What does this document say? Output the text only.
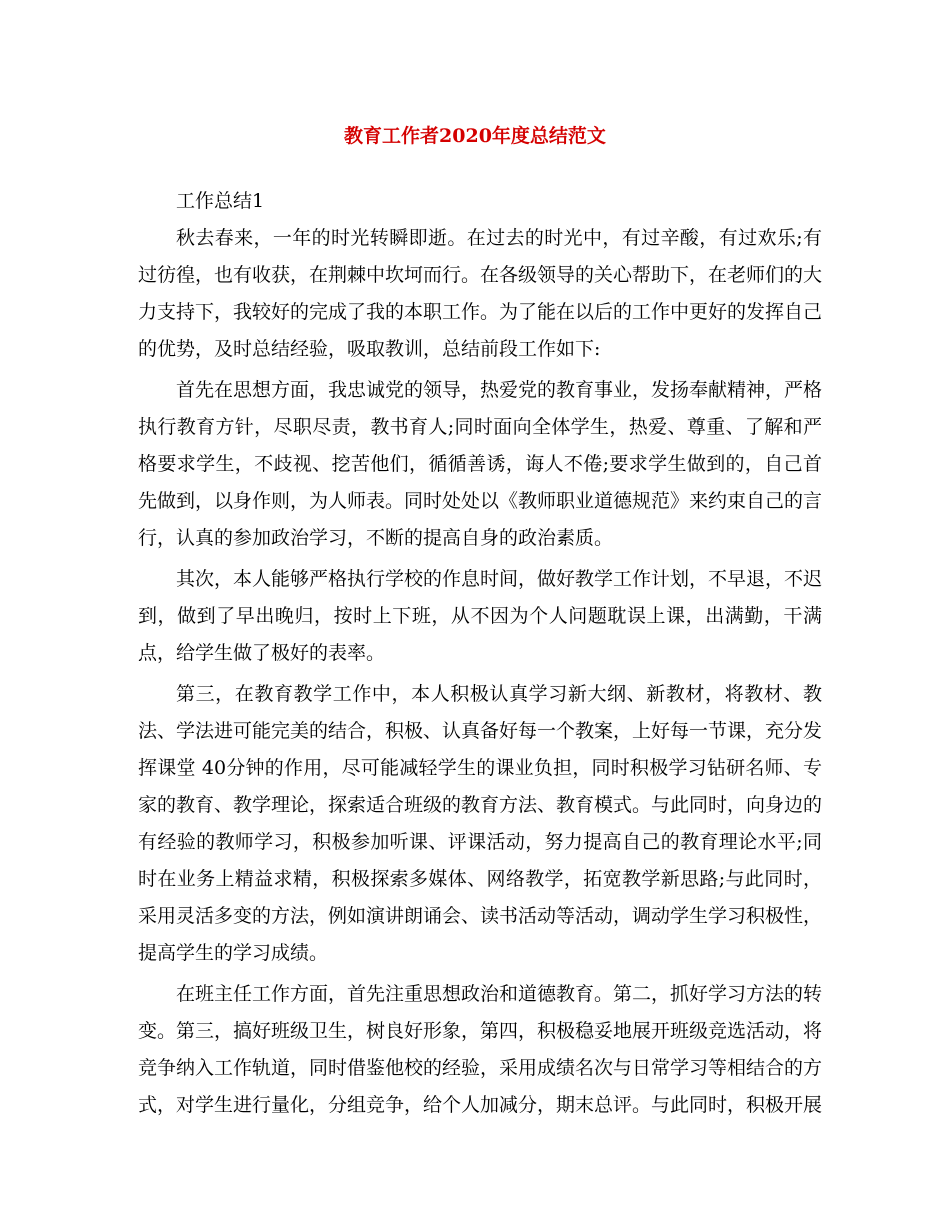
教育工作者2020年度总结范文

工作总结1

秋去春来，一年的时光转瞬即逝。在过去的时光中，有过辛酸，有过欢乐;有过彷徨，也有收获，在荆棘中坎坷而行。在各级领导的关心帮助下，在老师们的大力支持下，我较好的完成了我的本职工作。为了能在以后的工作中更好的发挥自己的优势，及时总结经验，吸取教训，总结前段工作如下:

首先在思想方面，我忠诚党的领导，热爱党的教育事业，发扬奉献精神，严格执行教育方针，尽职尽责，教书育人;同时面向全体学生，热爱、尊重、了解和严格要求学生，不歧视、挖苦他们，循循善诱，诲人不倦;要求学生做到的，自己首先做到，以身作则，为人师表。同时处处以《教师职业道德规范》来约束自己的言行，认真的参加政治学习，不断的提高自身的政治素质。

其次，本人能够严格执行学校的作息时间，做好教学工作计划，不早退，不迟到，做到了早出晚归，按时上下班，从不因为个人问题耽误上课，出满勤，干满点，给学生做了极好的表率。

第三，在教育教学工作中，本人积极认真学习新大纲、新教材，将教材、教法、学法进可能完美的结合，积极、认真备好每一个教案，上好每一节课，充分发挥课堂 40分钟的作用，尽可能减轻学生的课业负担，同时积极学习钻研名师、专家的教育、教学理论，探索适合班级的教育方法、教育模式。与此同时，向身边的有经验的教师学习，积极参加听课、评课活动，努力提高自己的教育理论水平;同时在业务上精益求精，积极探索多媒体、网络教学，拓宽教学新思路;与此同时，采用灵活多变的方法，例如演讲朗诵会、读书活动等活动，调动学生学习积极性，提高学生的学习成绩。

在班主任工作方面，首先注重思想政治和道德教育。第二，抓好学习方法的转变。第三，搞好班级卫生，树良好形象，第四，积极稳妥地展开班级竞选活动，将竞争纳入工作轨道，同时借鉴他校的经验，采用成绩名次与日常学习等相结合的方式，对学生进行量化，分组竞争，给个人加减分，期末总评。与此同时，积极开展
